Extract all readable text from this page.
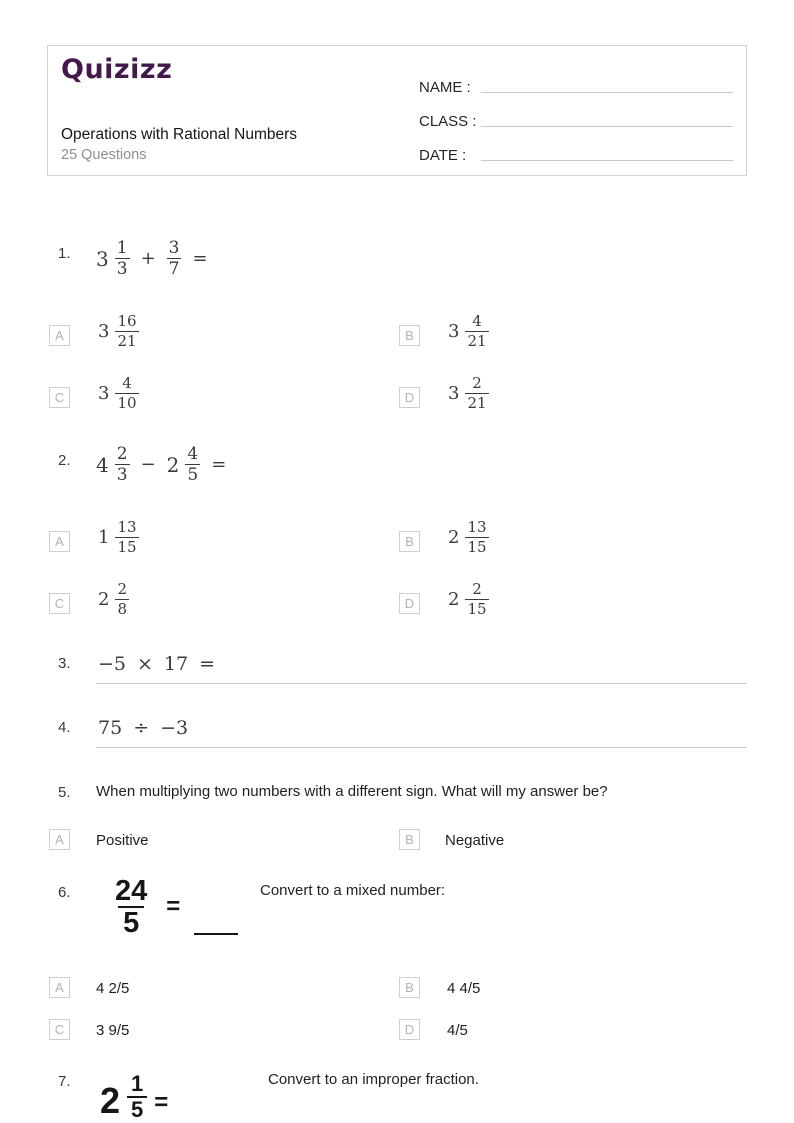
Quizizz
Operations with Rational Numbers
25 Questions
NAME :
CLASS :
DATE :
1. $3 \frac{1}{3} + \frac{3}{7}$ =
A	$3 \frac{16}{21}$	B	$3 \frac{4}{21}$
C	$3 \frac{4}{10}$	D	$3 \frac{2}{21}$
2. $4 \frac{2}{3} - 2 \frac{4}{5}$ =
A	$1 \frac{13}{15}$	B	$2 \frac{13}{15}$
C	$2 \frac{2}{8}$	D	$2 \frac{2}{15}$
3. −5 × 17 =
4. 75 ÷ −3
5. When multiplying two numbers with a different sign. What will my answer be?
A	Positive	B	Negative
6. $\frac{24}{5}$ =
Convert to a mixed number:
A	4 2/5	B	4 4/5
C	3 9/5	D	4/5
7. $2 \frac{1}{5}$ =
Convert to an improper fraction.
